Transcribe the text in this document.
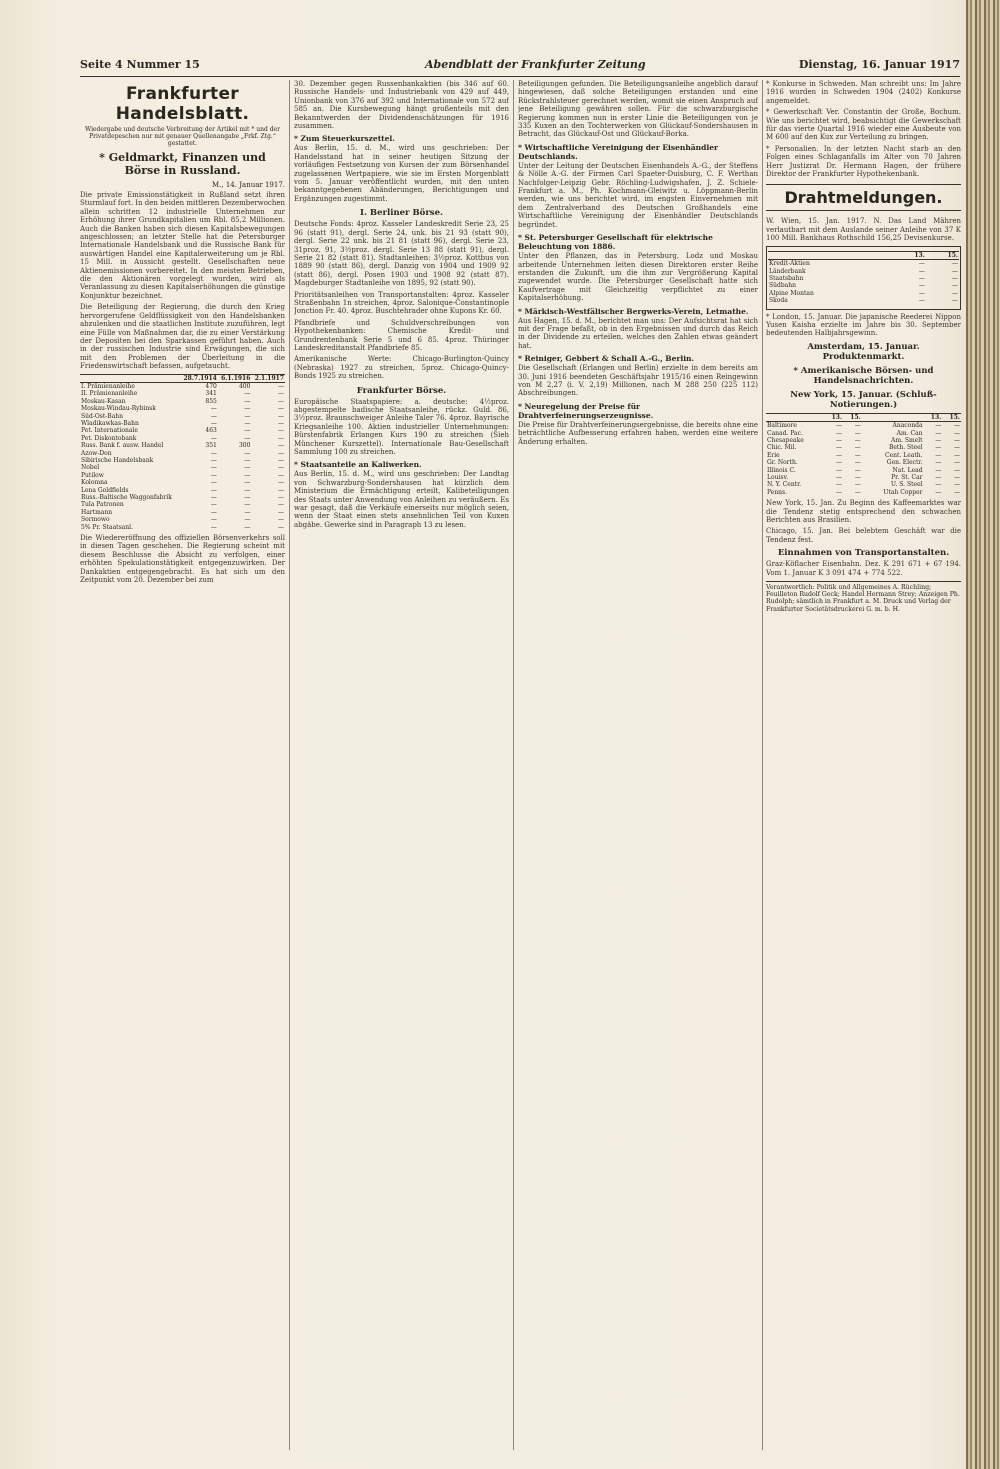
Seite 4 Nummer 15	Abendblatt der Frankfurter Zeitung	Dienstag, 16. Januar 1917
Frankfurter Handelsblatt.
Wiedergabe und deutsche Verbreitung der Artikel mit * und der Privatdepeschen nur mit genauer Quellenangabe „Frkf. Ztg.“ gestattet.
* Geldmarkt, Finanzen und Börse in Russland.
M., 14. Januar 1917.

Die private Emissionstätigkeit in Rußland setzt ihren Sturmlauf fort. In den beiden mittleren Dezemberwochen allein schritten 12 industrielle Unternehmen zur Erhöhung ihrer Grundkapitalien um Rbl. 85,2 Millionen. Auch die Banken haben sich diesen Kapitalsbewegungen angeschlossen; an letzter Stelle hat die Petersburger Internationale Handelsbank und die Russische Bank für auswärtigen Handel eine Kapitalerweiterung um je Rbl. 15 Mill. in Aussicht gestellt. Gesellschaften neue Aktienemissionen vorbereitet. In den meisten Betrieben, die den Aktionären vorgelegt wurden, wird als Veranlassung zu diesen Kapitalserhöhungen die günstige Konjunktur bezeichnet.

Die Beteiligung der Regierung, die durch den Krieg hervorgerufene Geldflüssigkeit von den Handelsbanken abzulenken und die staatlichen Institute zuzuführen, legt eine Fülle von Maßnahmen dar, die zu einer Verstärkung der Depositen bei den Sparkassen geführt haben. Auch in der russischen Industrie sind Erwägungen, die sich mit den Problemen der Überleitung in die Friedenswirtschaft befassen, aufgetaucht.

	28.7.1914	6.1.1916	2.1.1917
I. Prämienanleihe	470	400	—
II. Prämienanleihe	341	—	—
Moskau-Kasan	855	—	—
Moskau-Windau-Rybinsk	—	—	—
Süd-Ost-Bahn	—	—	—
Wladikawkas-Bahn	—	—	—
Pet. Internationale	463	—	—
Pet. Diskontobank	—	—	—
Russ. Bank f. ausw. Handel	351	300	—
Azow-Don	—	—	—
Sibirische Handelsbank	—	—	—
Nobel	—	—	—
Putilow	—	—	—
Kolomna	—	—	—
Lena Goldfields	—	—	—
Russ.-Baltische Waggonfabrik	—	—	—
Tula Patronen	—	—	—
Hartmann	—	—	—
Sormowo	—	—	—
5% Pr. Staatsanl.	—	—	—

Die Wiedereröffnung des offiziellen Börsenverkehrs soll in diesen Tagen geschehen. Die Regierung scheint mit diesem Beschlusse die Absicht zu verfolgen, einer erhöhten Spekulationstätigkeit entgegenzuwirken. Der Dankaktien entgegengebracht. Es hat sich um den Zeitpunkt vom 20. Dezember bei zum

30. Dezember gegen Russenbankaktien (bis 346 auf 60. Russische Handels- und Industriebank von 429 auf 449, Unionbank von 376 auf 392 und Internationale von 572 auf 585 an. Die Kursbewegung hängt großenteils mit den Bekanntwerden der Dividendenschätzungen für 1916 zusammen.

* Zum Steuerkurszettel.

Aus Berlin, 15. d. M., wird uns geschrieben: Der Handelsstand hat in seiner heutigen Sitzung der vorläufigen Festsetzung von Kursen der zum Börsenhandel zugelassenen Wertpapiere, wie sie im Ersten Morgenblatt vom 5. Januar veröffentlicht wurden, mit den unten bekanntgegebenen Abänderungen, Berichtigungen und Ergänzungen zugestimmt.

I. Berliner Börse.

Deutsche Fonds: 4proz. Kasseler Landeskredit Serie 23, 25 96 (statt 91), dergl. Serie 24, unk. bis 21 93 (statt 90), dergl. Serie 22 unk. bis 21 81 (statt 96), dergl. Serie 23, 31proz. 91, 3½proz. dergl. Serie 13 88 (statt 91), dergl. Serie 21 82 (statt 81). Stadtanleihen: 3½proz. Kottbus von 1889 90 (statt 86), dergl. Danzig von 1904 und 1909 92 (statt 86), dergl. Posen 1903 und 1908 92 (statt 87). Magdeburger Stadtanleihe von 1895, 92 (statt 90).

Prioritätsanleihen von Transportanstalten: 4proz. Kasseler Straßenbahn 1n streichen, 4proz. Salonique-Constantinople Jonction Fr. 40. 4proz. Buschtehrader ohne Kupons Kr. 60.

Pfandbriefe und Schuldverschreibungen von Hypothekenbanken: Chemische Kredit- und Grundrentenbank Serie 5 und 6 85. 4proz. Thüringer Landeskreditanstalt Pfandbriefe 85.

Amerikanische Werte: Chicago-Burlington-Quincy (Nebraska) 1927 zu streichen, 5proz. Chicago-Quincy-Bonds 1925 zu streichen.

Frankfurter Börse.

Europäische Staatspapiere: a. deutsche: 4½proz. abgestempelte badische Staatsanleihe, rückz. Guld. 86, 3½proz. Braunschweiger Anleihe Taler 76. 4proz. Bayrische Kriegsanleihe 100. Aktien industrieller Unternehmungen: Bürstenfabrik Erlangen Kurs 190 zu streichen (Sieh Münchener Kurszettel). Internationale Bau-Gesellschaft Sammlung 100 zu streichen.

* Staatsanteile an Kaliwerken.

Aus Berlin, 15. d. M., wird uns geschrieben: Der Landtag von Schwarzburg-Sondershausen hat kürzlich dem Ministerium die Ermächtigung erteilt, Kalibeteiligungen des Staats unter Anwendung von Anleihen zu veräußern. Es war gesagt, daß die Verkäufe einerseits nur möglich seien, wenn der Staat einen stets ansehnlichen Teil von Kuxen abgäbe. Gewerke sind in Paragraph 13 zu lesen.

Beteiligungen gefunden. Die Beteiligungsanleihe angeblich darauf hingewiesen, daß solche Beteiligungen erstanden und eine Rückstrahlsteuer gerechnet werden, womit sie einen Anspruch auf jene Beteiligung gewähren sollen. Für die schwarzburgische Regierung kommen nun in erster Linie die Beteiligungen von je 335 Kuxen an den Tochterwerken von Glückauf-Sondershausen in Betracht, das Glückauf-Ost und Glückauf-Borka.

* Wirtschaftliche Vereinigung der Eisenhändler Deutschlands.

Unter der Leitung der Deutschen Eisenhandels A.-G., der Steffens & Nölle A.-G. der Firmen Carl Spaeter-Duisburg, C. F. Werthan Nachfolger-Leipzig Gebr. Röchling-Ludwigshafen, J. Z. Schiele-Frankfurt a. M., Ph. Kochmann-Gleiwitz u. Löppmann-Berlin werden, wie uns berichtet wird, im engsten Einvernehmen mit dem Zentralverband des Deutschen Großhandels eine Wirtschaftliche Vereinigung der Eisenhändler Deutschlands begründet.

* St. Petersburger Gesellschaft für elektrische Beleuchtung von 1886.

Unter den Pflanzen, das in Petersburg, Lodz und Moskau arbeitende Unternehmen leiten diesen Direktoren erster Reihe erstanden die Zukunft, um die ihm zur Vergrößerung Kapital zugewendet wurde. Die Petersburger Gesellschaft hatte sich Kaufvertrage mit Gleichzeitig verpflichtet zu einer Kapitalserhöhung.

* Märkisch-Westfälischer Bergwerks-Verein, Letmathe.

Aus Hagen, 15. d. M., berichtet man uns: Der Aufsichtsrat hat sich mit der Frage befaßt, ob in den Ergebnissen und durch das Reich in der Dividende zu erteilen, welches den Zahlen etwas geändert hat.

* Reiniger, Gebbert & Schall A.-G., Berlin.

Die Gesellschaft (Erlangen und Berlin) erzielte in dem bereits am 30. Juni 1916 beendeten Geschäftsjahr 1915/16 einen Reingewinn von M 2,27 (i. V. 2,19) Millionen, nach M 288 250 (225 112) Abschreibungen.

* Neuregelung der Preise für Drahtverfeinerungserzeugnisse.

Die Preise für Drahtverfeinerungsergebnisse, die bereits ohne eine beträchtliche Aufbesserung erfahren haben, werden eine weitere Änderung erhalten.

* Konkurse in Schweden. Man schreibt uns: Im Jahre 1916 wurden in Schweden 1904 (2402) Konkurse angemeldet.

* Gewerkschaft Ver. Constantin der Große, Bochum. Wie uns berichtet wird, beabsichtigt die Gewerkschaft für das vierte Quartal 1916 wieder eine Ausbeute von M 600 auf den Kux zur Verteilung zu bringen.

* Personalien. In der letzten Nacht starb an den Folgen eines Schlaganfalls im Alter von 70 Jahren Herr Justizrat Dr. Hermann Hagen, der frühere Direktor der Frankfurter Hypothekenbank.

Drahtmeldungen.

W. Wien, 15. Jan. 1917. N. Das Land Mähren verlautbart mit dem Auslande seiner Anleihe von 37 K 100 Mill. Bankhaus Rothschild 156,25 Devisenkurse.

	13.	15.
Kredit-Aktien	—	—
Länderbank	—	—
Staatsbahn	—	—
Südbahn	—	—
Alpine Montan	—	—
Skoda	—	—

* London, 15. Januar. Die japanische Reederei Nippon Yusen Kaisha erzielte im Jahre bis 30. September bedeutenden Halbjahrsgewinn.

Amsterdam, 15. Januar. Produktenmarkt.
* Amerikanische Börsen- und Handelsnachrichten.
New York, 15. Januar. (Schluß-Notierungen.)
	13.	15.		13.	15.
Baltimore	—	—	Anaconda	—	—
Canad. Pac.	—	—	Am. Can	—	—
Chesapeake	—	—	Am. Smelt	—	—
Chic. Mil.	—	—	Beth. Steel	—	—
Erie	—	—	Cent. Leath.	—	—
Gr. North.	—	—	Gen. Electr.	—	—
Illinois C.	—	—	Nat. Lead	—	—
Louisv.	—	—	Pr. St. Car	—	—
N. Y. Centr.	—	—	U. S. Steel	—	—
Penns.	—	—	Utah Copper	—	—

New York, 15. Jan. Zu Beginn des Kaffeemarktes war die Tendenz stetig entsprechend den schwachen Berichten aus Brasilien.

Chicago, 15. Jan. Bei belebtem Geschäft war die Tendenz fest.

Einnahmen von Transportanstalten.

Graz-Köflacher Eisenbahn. Dez. K 291 671 + 67 194. Vom 1. Januar K 3 091 474 + 774 522.

Verantwortlich: Politik und Allgemeines A. Rüchling; Feuilleton Rudolf Geck; Handel Hermann Strey; Anzeigen Ph. Rudolph; sämtlich in Frankfurt a. M. Druck und Verlag der Frankfurter Societätsdruckerei G. m. b. H.
